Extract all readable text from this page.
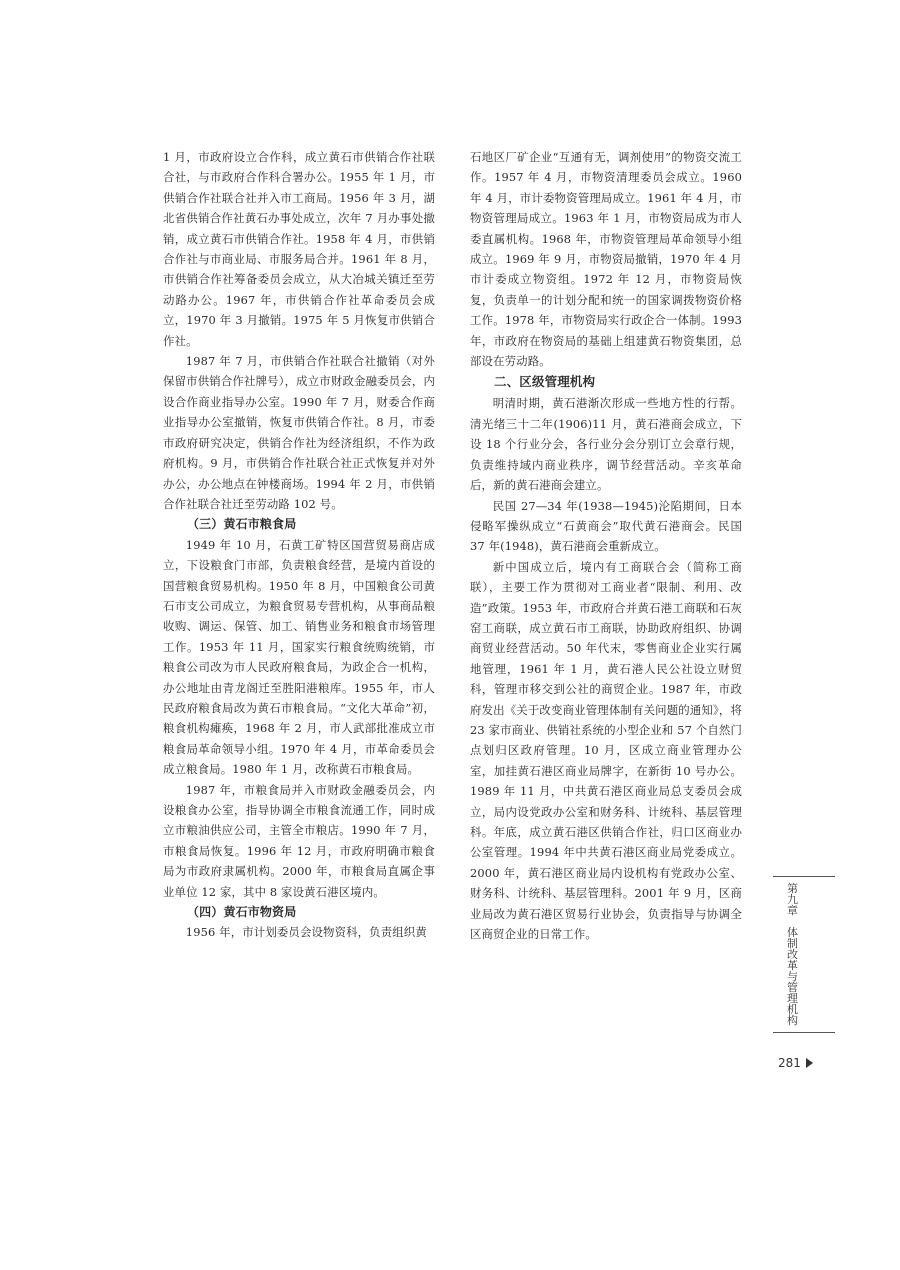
1 月，市政府设立合作科，成立黄石市供销合作社联合社，与市政府合作科合署办公。1955 年 1 月，市供销合作社联合社并入市工商局。1956 年 3 月，湖北省供销合作社黄石办事处成立，次年 7 月办事处撤销，成立黄石市供销合作社。1958 年 4 月，市供销合作社与市商业局、市服务局合并。1961 年 8 月，市供销合作社筹备委员会成立，从大冶城关镇迁至劳动路办公。1967 年，市供销合作社革命委员会成立，1970 年 3 月撤销。1975 年 5 月恢复市供销合作社。

1987 年 7 月，市供销合作社联合社撤销（对外保留市供销合作社牌号），成立市财政金融委员会，内设合作商业指导办公室。1990 年 7 月，财委合作商业指导办公室撤销，恢复市供销合作社。8 月，市委市政府研究决定，供销合作社为经济组织，不作为政府机构。9 月，市供销合作社联合社正式恢复并对外办公，办公地点在钟楼商场。1994 年 2 月，市供销合作社联合社迁至劳动路 102 号。

（三）黄石市粮食局

1949 年 10 月，石黄工矿特区国营贸易商店成立，下设粮食门市部，负责粮食经营，是境内首设的国营粮食贸易机构。1950 年 8 月，中国粮食公司黄石市支公司成立，为粮食贸易专营机构，从事商品粮收购、调运、保管、加工、销售业务和粮食市场管理工作。1953 年 11 月，国家实行粮食统购统销，市粮食公司改为市人民政府粮食局，为政企合一机构，办公地址由青龙阁迁至胜阳港粮库。1955 年，市人民政府粮食局改为黄石市粮食局。“文化大革命”初，粮食机构瘫痪，1968 年 2 月，市人武部批准成立市粮食局革命领导小组。1970 年 4 月，市革命委员会成立粮食局。1980 年 1 月，改称黄石市粮食局。

1987 年，市粮食局并入市财政金融委员会，内设粮食办公室，指导协调全市粮食流通工作，同时成立市粮油供应公司，主管全市粮店。1990 年 7 月，市粮食局恢复。1996 年 12 月，市政府明确市粮食局为市政府隶属机构。2000 年，市粮食局直属企事业单位 12 家，其中 8 家设黄石港区境内。

（四）黄石市物资局

1956 年，市计划委员会设物资科，负责组织黄

石地区厂矿企业“互通有无，调剂使用”的物资交流工作。1957 年 4 月，市物资清理委员会成立。1960 年 4 月，市计委物资管理局成立。1961 年 4 月，市物资管理局成立。1963 年 1 月，市物资局成为市人委直属机构。1968 年，市物资管理局革命领导小组成立。1969 年 9 月，市物资局撤销，1970 年 4 月市计委成立物资组。1972 年 12 月，市物资局恢复，负责单一的计划分配和统一的国家调拨物资价格工作。1978 年，市物资局实行政企合一体制。1993 年，市政府在物资局的基础上组建黄石物资集团，总部设在劳动路。

二、区级管理机构

明清时期，黄石港渐次形成一些地方性的行帮。清光绪三十二年(1906)11 月，黄石港商会成立，下设 18 个行业分会，各行业分会分别订立会章行规，负责维持域内商业秩序，调节经营活动。辛亥革命后，新的黄石港商会建立。

民国 27—34 年(1938—1945)沦陷期间，日本侵略军操纵成立“石黄商会”取代黄石港商会。民国 37 年(1948)，黄石港商会重新成立。

新中国成立后，境内有工商联合会（简称工商联），主要工作为贯彻对工商业者“限制、利用、改造”政策。1953 年，市政府合并黄石港工商联和石灰窑工商联，成立黄石市工商联，协助政府组织、协调商贸业经营活动。50 年代末，零售商业企业实行属地管理，1961 年 1 月，黄石港人民公社设立财贸科，管理市移交到公社的商贸企业。1987 年，市政府发出《关于改变商业管理体制有关问题的通知》，将 23 家市商业、供销社系统的小型企业和 57 个自然门点划归区政府管理。10 月，区成立商业管理办公室，加挂黄石港区商业局牌字，在新街 10 号办公。1989 年 11 月，中共黄石港区商业局总支委员会成立，局内设党政办公室和财务科、计统科、基层管理科。年底，成立黄石港区供销合作社，归口区商业办公室管理。1994 年中共黄石港区商业局党委成立。2000 年，黄石港区商业局内设机构有党政办公室、财务科、计统科、基层管理科。2001 年 9 月，区商业局改为黄石港区贸易行业协会，负责指导与协调全区商贸企业的日常工作。

第
九
章
体
制
改
革
与
管
理
机
构
281
